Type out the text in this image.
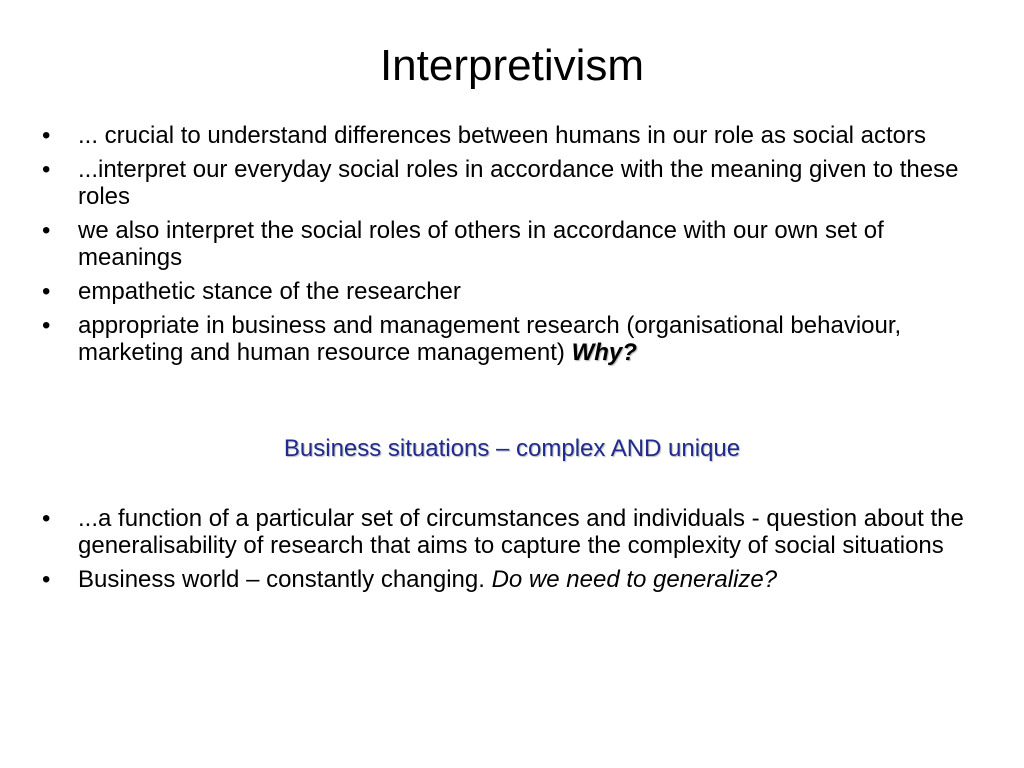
Interpretivism
• ... crucial to understand differences between humans in our role as social actors
• ...interpret our everyday social roles in accordance with the meaning given to these roles
• we also interpret the social roles of others in accordance with our own set of meanings
• empathetic stance of the researcher
• appropriate in business and management research (organisational behaviour, marketing and human resource management) Why?
Business situations – complex AND unique
• ...a function of a particular set of circumstances and individuals - question about the generalisability of research that aims to capture the complexity of social situations
• Business world – constantly changing. Do we need to generalize?
